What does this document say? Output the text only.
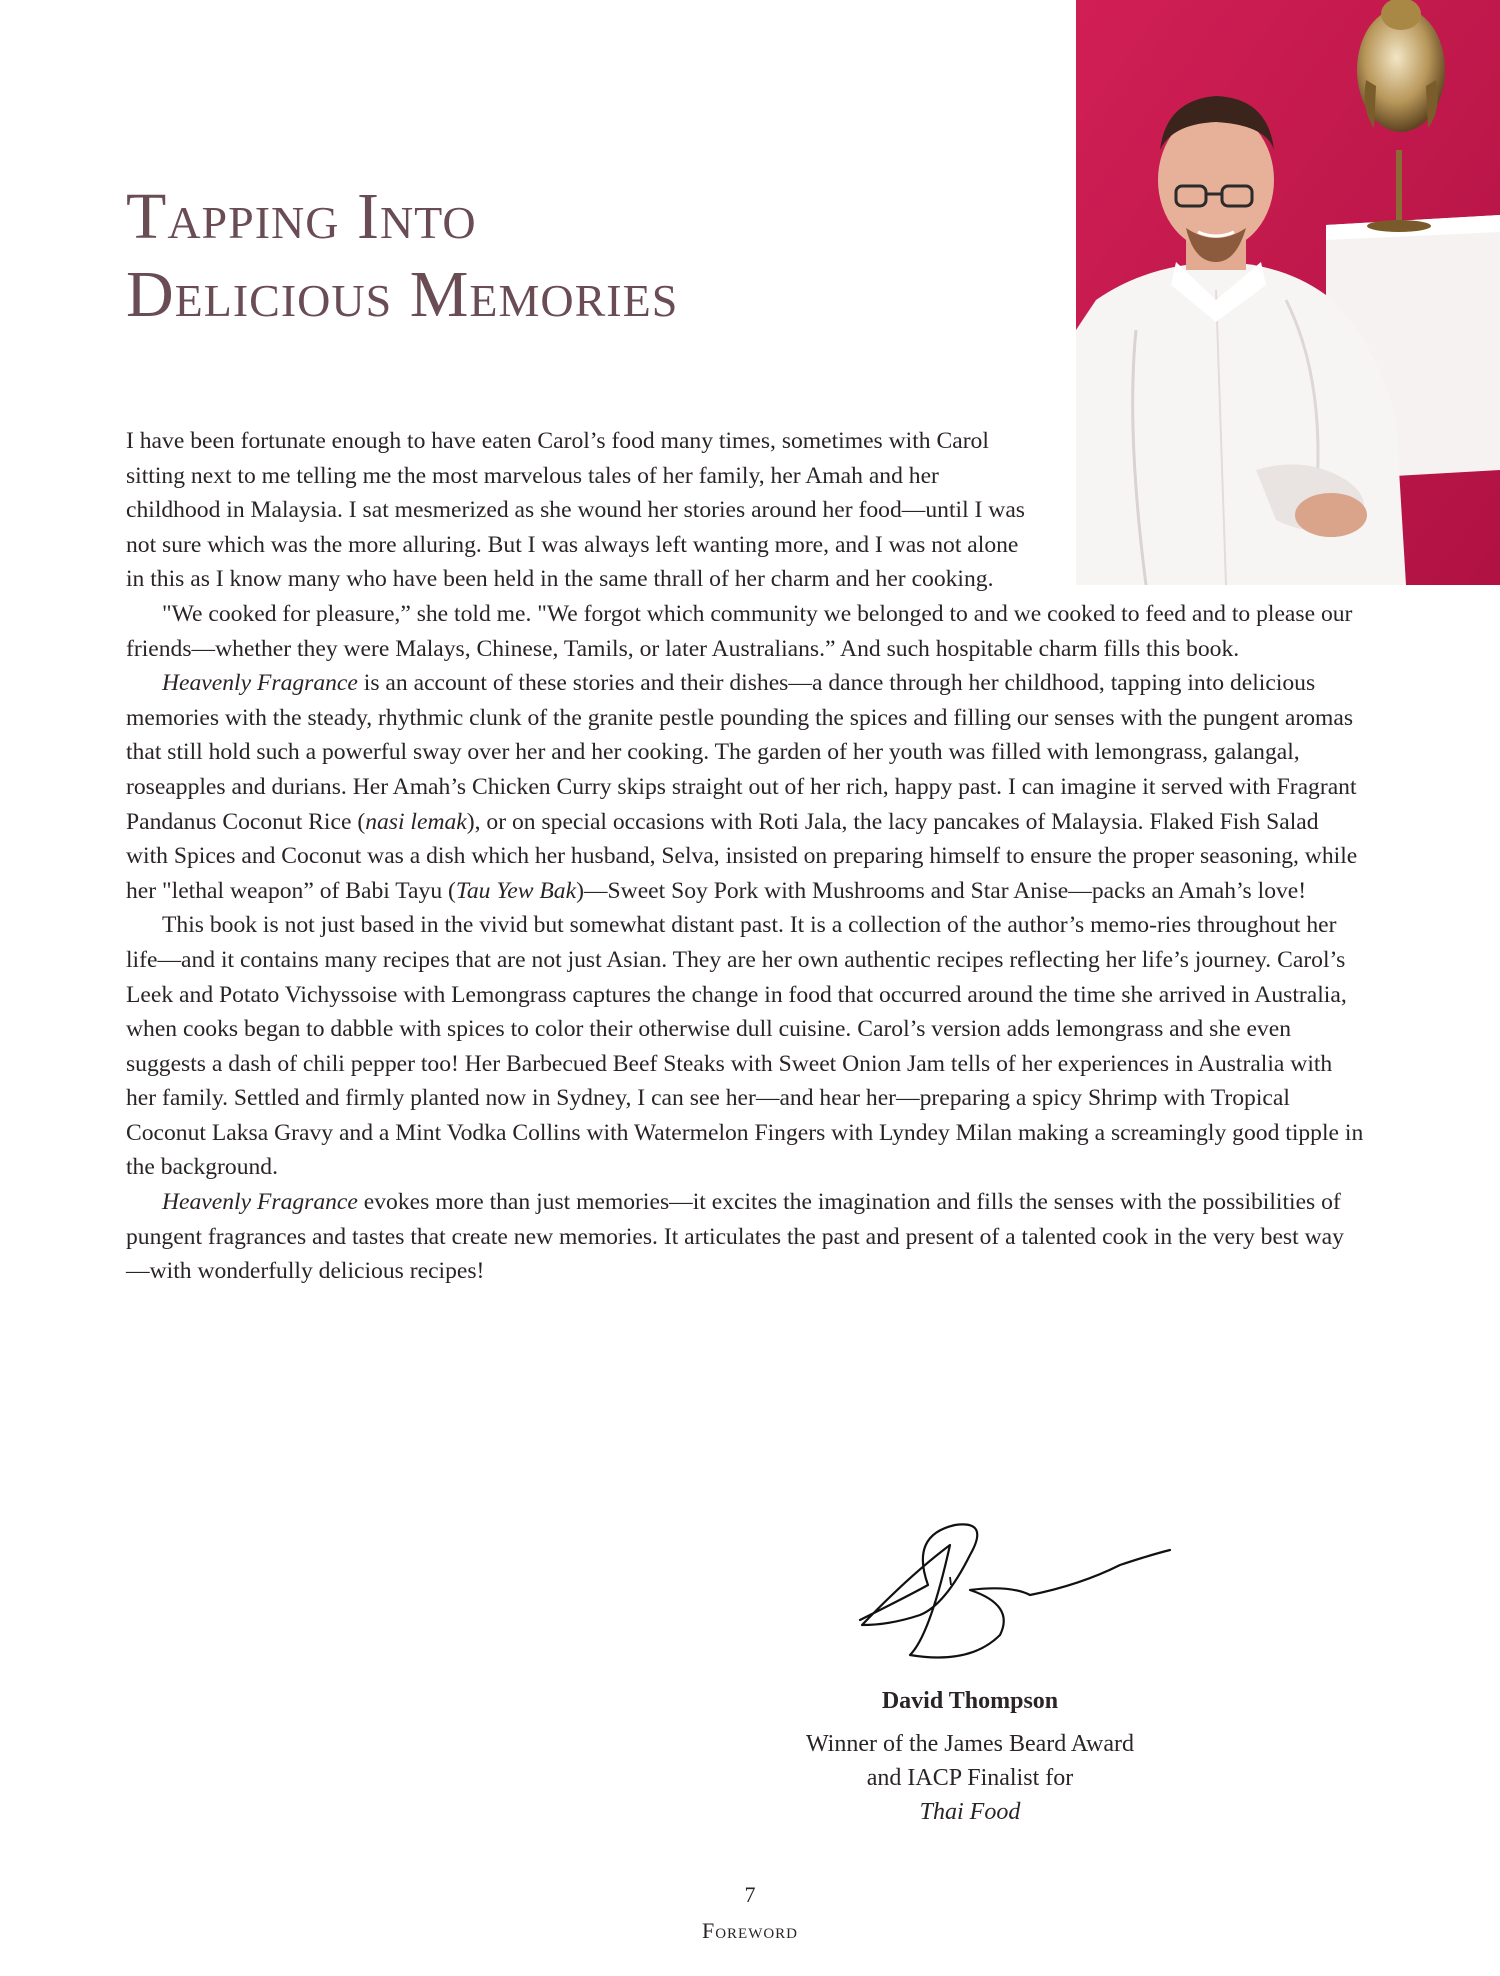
Tapping Into
Delicious Memories

I have been fortunate enough to have eaten Carol’s food many times, sometimes with Carol sitting next to me telling me the most marvelous tales of her family, her Amah and her childhood in Malaysia. I sat mesmerized as she wound her stories around her food—until I was not sure which was the more alluring. But I was always left wanting more, and I was not alone in this as I know many who have been held in the same thrall of her charm and her cooking.

"We cooked for pleasure,” she told me. "We forgot which community we belonged to and we cooked to feed and to please our friends—whether they were Malays, Chinese, Tamils, or later Australians.” And such hospitable charm fills this book.

Heavenly Fragrance is an account of these stories and their dishes—a dance through her childhood, tapping into delicious memories with the steady, rhythmic clunk of the granite pestle pounding the spices and filling our senses with the pungent aromas that still hold such a powerful sway over her and her cooking. The garden of her youth was filled with lemongrass, galangal, roseapples and durians. Her Amah’s Chicken Curry skips straight out of her rich, happy past. I can imagine it served with Fragrant Pandanus Coconut Rice (nasi lemak), or on special occasions with Roti Jala, the lacy pancakes of Malaysia. Flaked Fish Salad with Spices and Coconut was a dish which her husband, Selva, insisted on preparing himself to ensure the proper seasoning, while her "lethal weapon” of Babi Tayu (Tau Yew Bak)—Sweet Soy Pork with Mushrooms and Star Anise—packs an Amah’s love!

This book is not just based in the vivid but somewhat distant past. It is a collection of the author’s memo-ries throughout her life—and it contains many recipes that are not just Asian. They are her own authentic recipes reflecting her life’s journey. Carol’s Leek and Potato Vichyssoise with Lemongrass captures the change in food that occurred around the time she arrived in Australia, when cooks began to dabble with spices to color their otherwise dull cuisine. Carol’s version adds lemongrass and she even suggests a dash of chili pepper too! Her Barbecued Beef Steaks with Sweet Onion Jam tells of her experiences in Australia with her family. Settled and firmly planted now in Sydney, I can see her—and hear her—preparing a spicy Shrimp with Tropical Coconut Laksa Gravy and a Mint Vodka Collins with Watermelon Fingers with Lyndey Milan making a screamingly good tipple in the background.

Heavenly Fragrance evokes more than just memories—it excites the imagination and fills the senses with the possibilities of pungent fragrances and tastes that create new memories. It articulates the past and present of a talented cook in the very best way—with wonderfully delicious recipes!

David Thompson

Winner of the James Beard Award
and IACP Finalist for
Thai Food

7

Foreword
